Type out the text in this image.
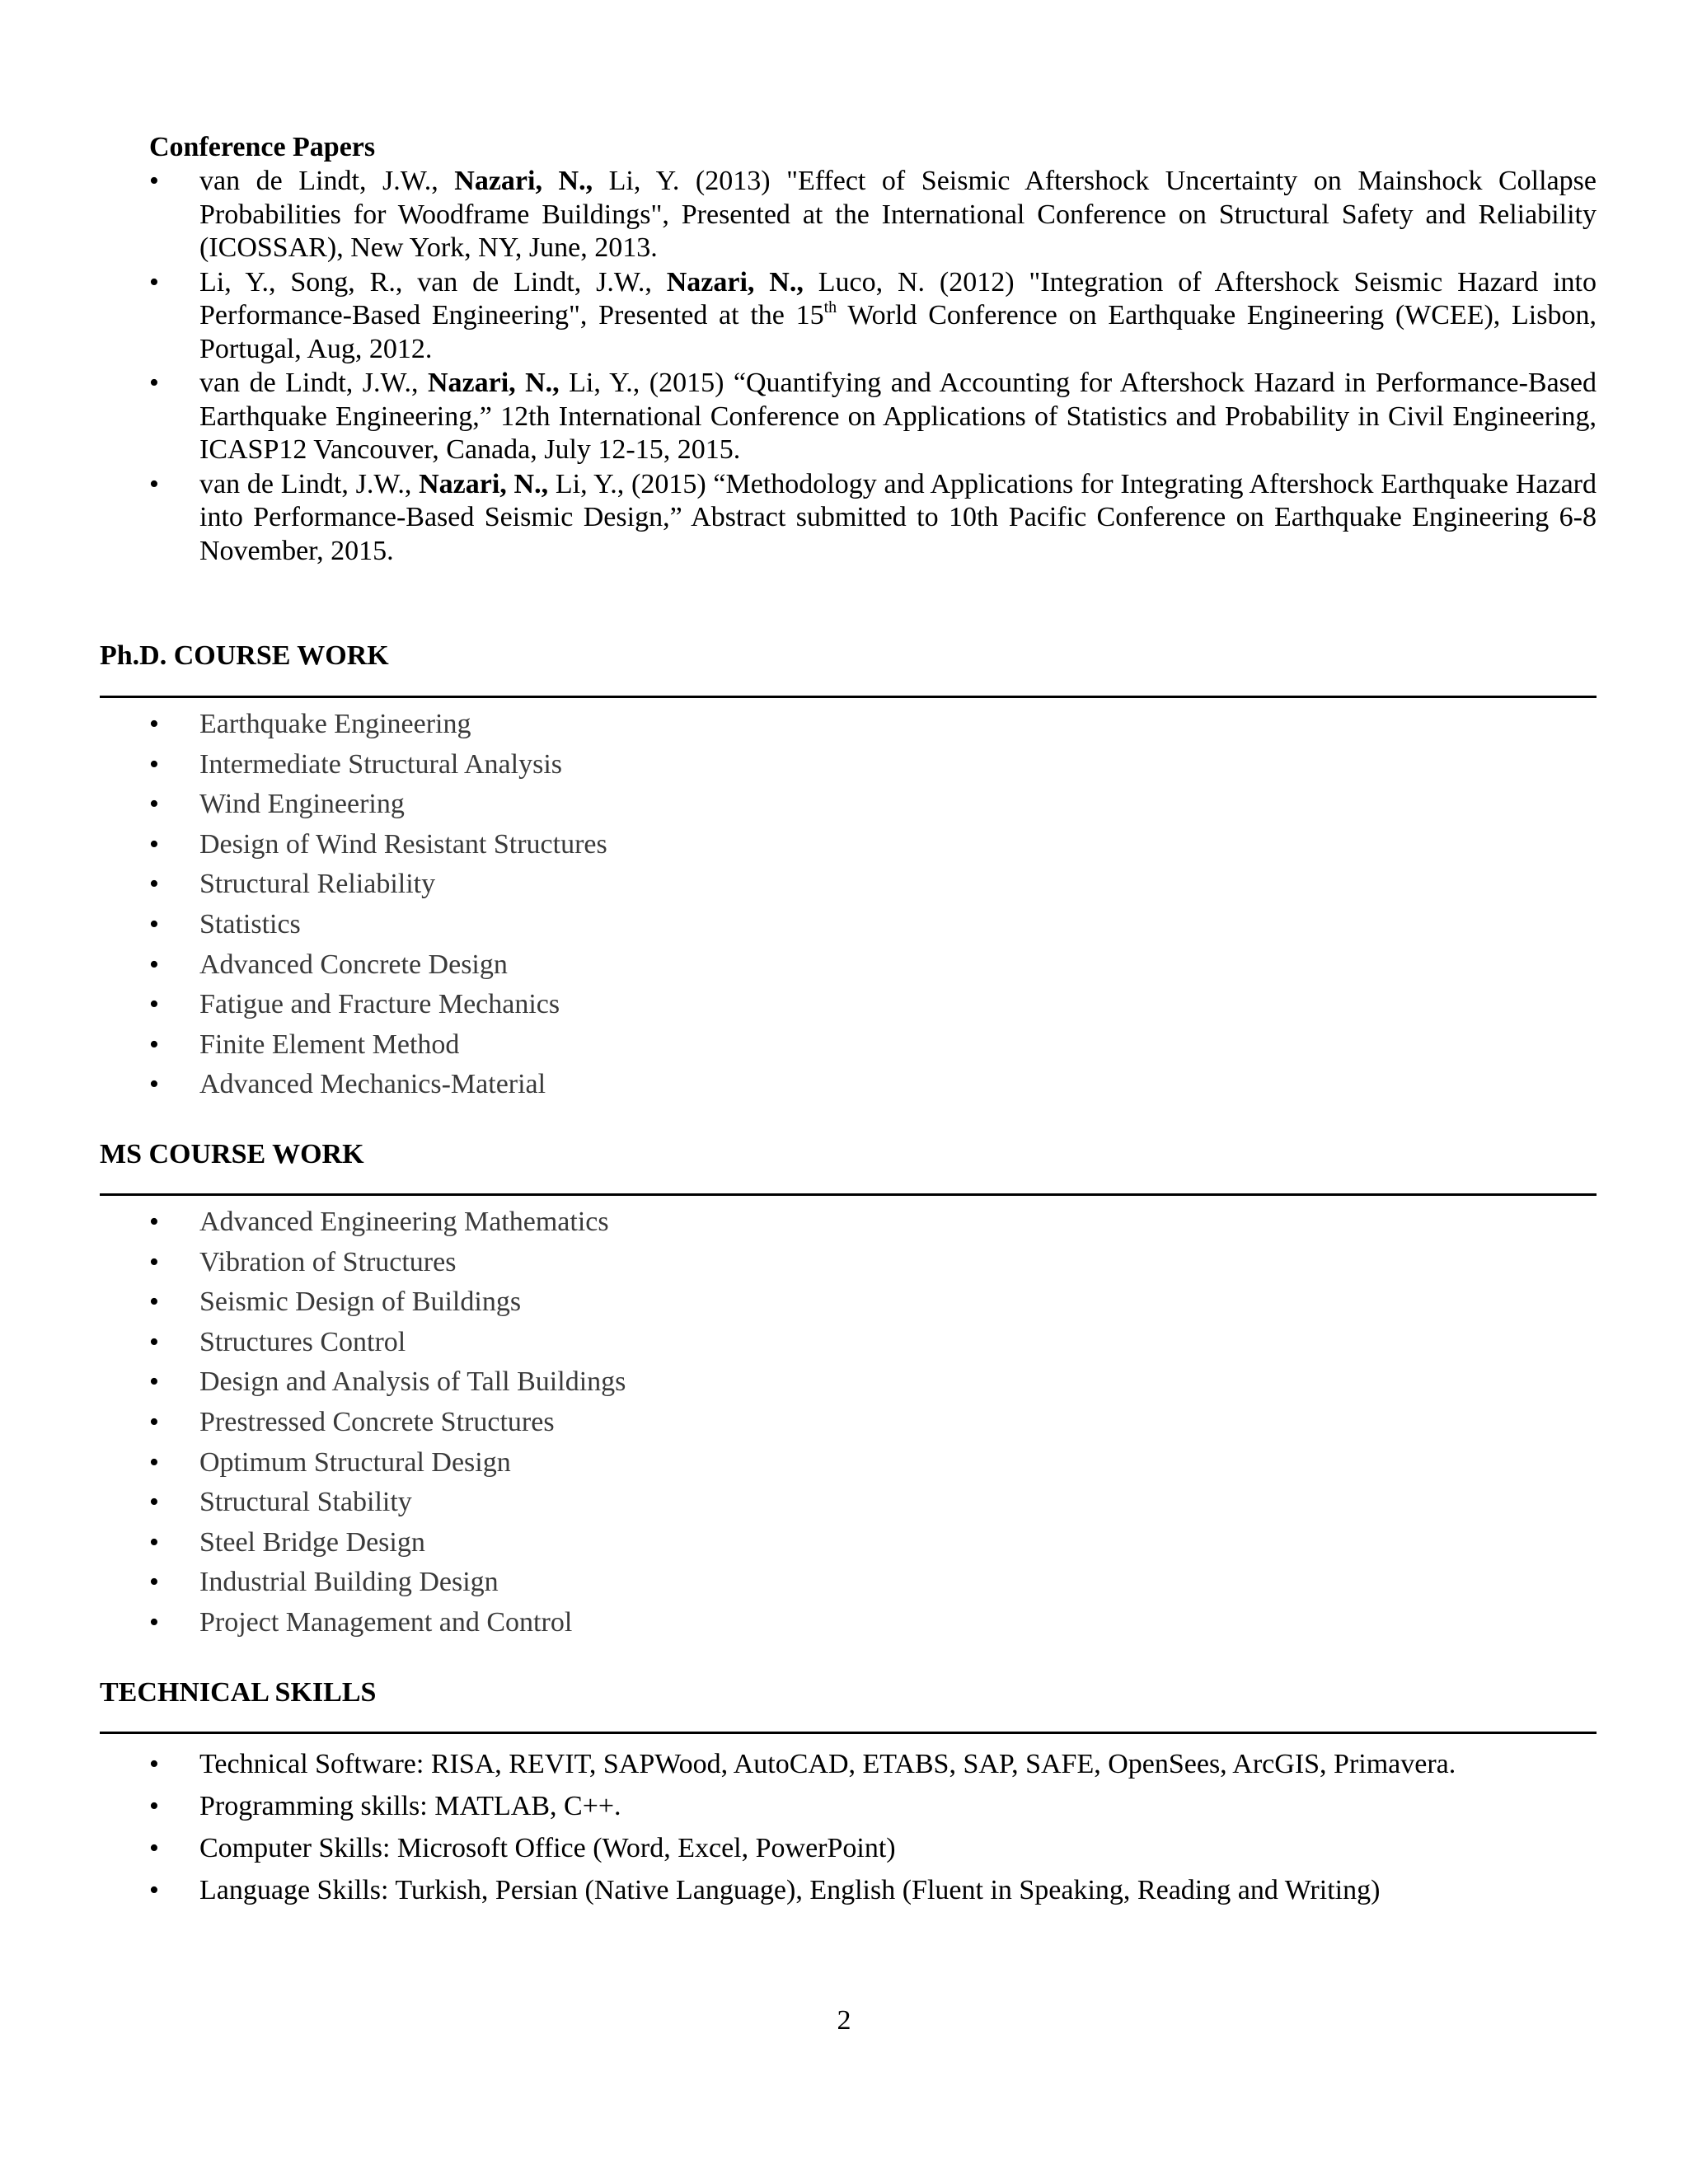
Conference Papers
• van de Lindt, J.W., Nazari, N., Li, Y. (2013) "Effect of Seismic Aftershock Uncertainty on Mainshock Collapse Probabilities for Woodframe Buildings", Presented at the International Conference on Structural Safety and Reliability (ICOSSAR), New York, NY, June, 2013.
• Li, Y., Song, R., van de Lindt, J.W., Nazari, N., Luco, N. (2012) "Integration of Aftershock Seismic Hazard into Performance-Based Engineering", Presented at the 15th World Conference on Earthquake Engineering (WCEE), Lisbon, Portugal, Aug, 2012.
• van de Lindt, J.W., Nazari, N., Li, Y., (2015) “Quantifying and Accounting for Aftershock Hazard in Performance-Based Earthquake Engineering,” 12th International Conference on Applications of Statistics and Probability in Civil Engineering, ICASP12 Vancouver, Canada, July 12-15, 2015.
• van de Lindt, J.W., Nazari, N., Li, Y., (2015) “Methodology and Applications for Integrating Aftershock Earthquake Hazard into Performance-Based Seismic Design,” Abstract submitted to 10th Pacific Conference on Earthquake Engineering 6-8 November, 2015.
Ph.D. COURSE WORK
• Earthquake Engineering
• Intermediate Structural Analysis
• Wind Engineering
• Design of Wind Resistant Structures
• Structural Reliability
• Statistics
• Advanced Concrete Design
• Fatigue and Fracture Mechanics
• Finite Element Method
• Advanced Mechanics-Material
MS COURSE WORK
• Advanced Engineering Mathematics
• Vibration of Structures
• Seismic Design of Buildings
• Structures Control
• Design and Analysis of Tall Buildings
• Prestressed Concrete Structures
• Optimum Structural Design
• Structural Stability
• Steel Bridge Design
• Industrial Building Design
• Project Management and Control
TECHNICAL SKILLS
• Technical Software: RISA, REVIT, SAPWood, AutoCAD, ETABS, SAP, SAFE, OpenSees, ArcGIS, Primavera.
• Programming skills: MATLAB, C++.
• Computer Skills: Microsoft Office (Word, Excel, PowerPoint)
• Language Skills: Turkish, Persian (Native Language), English (Fluent in Speaking, Reading and Writing)
2
